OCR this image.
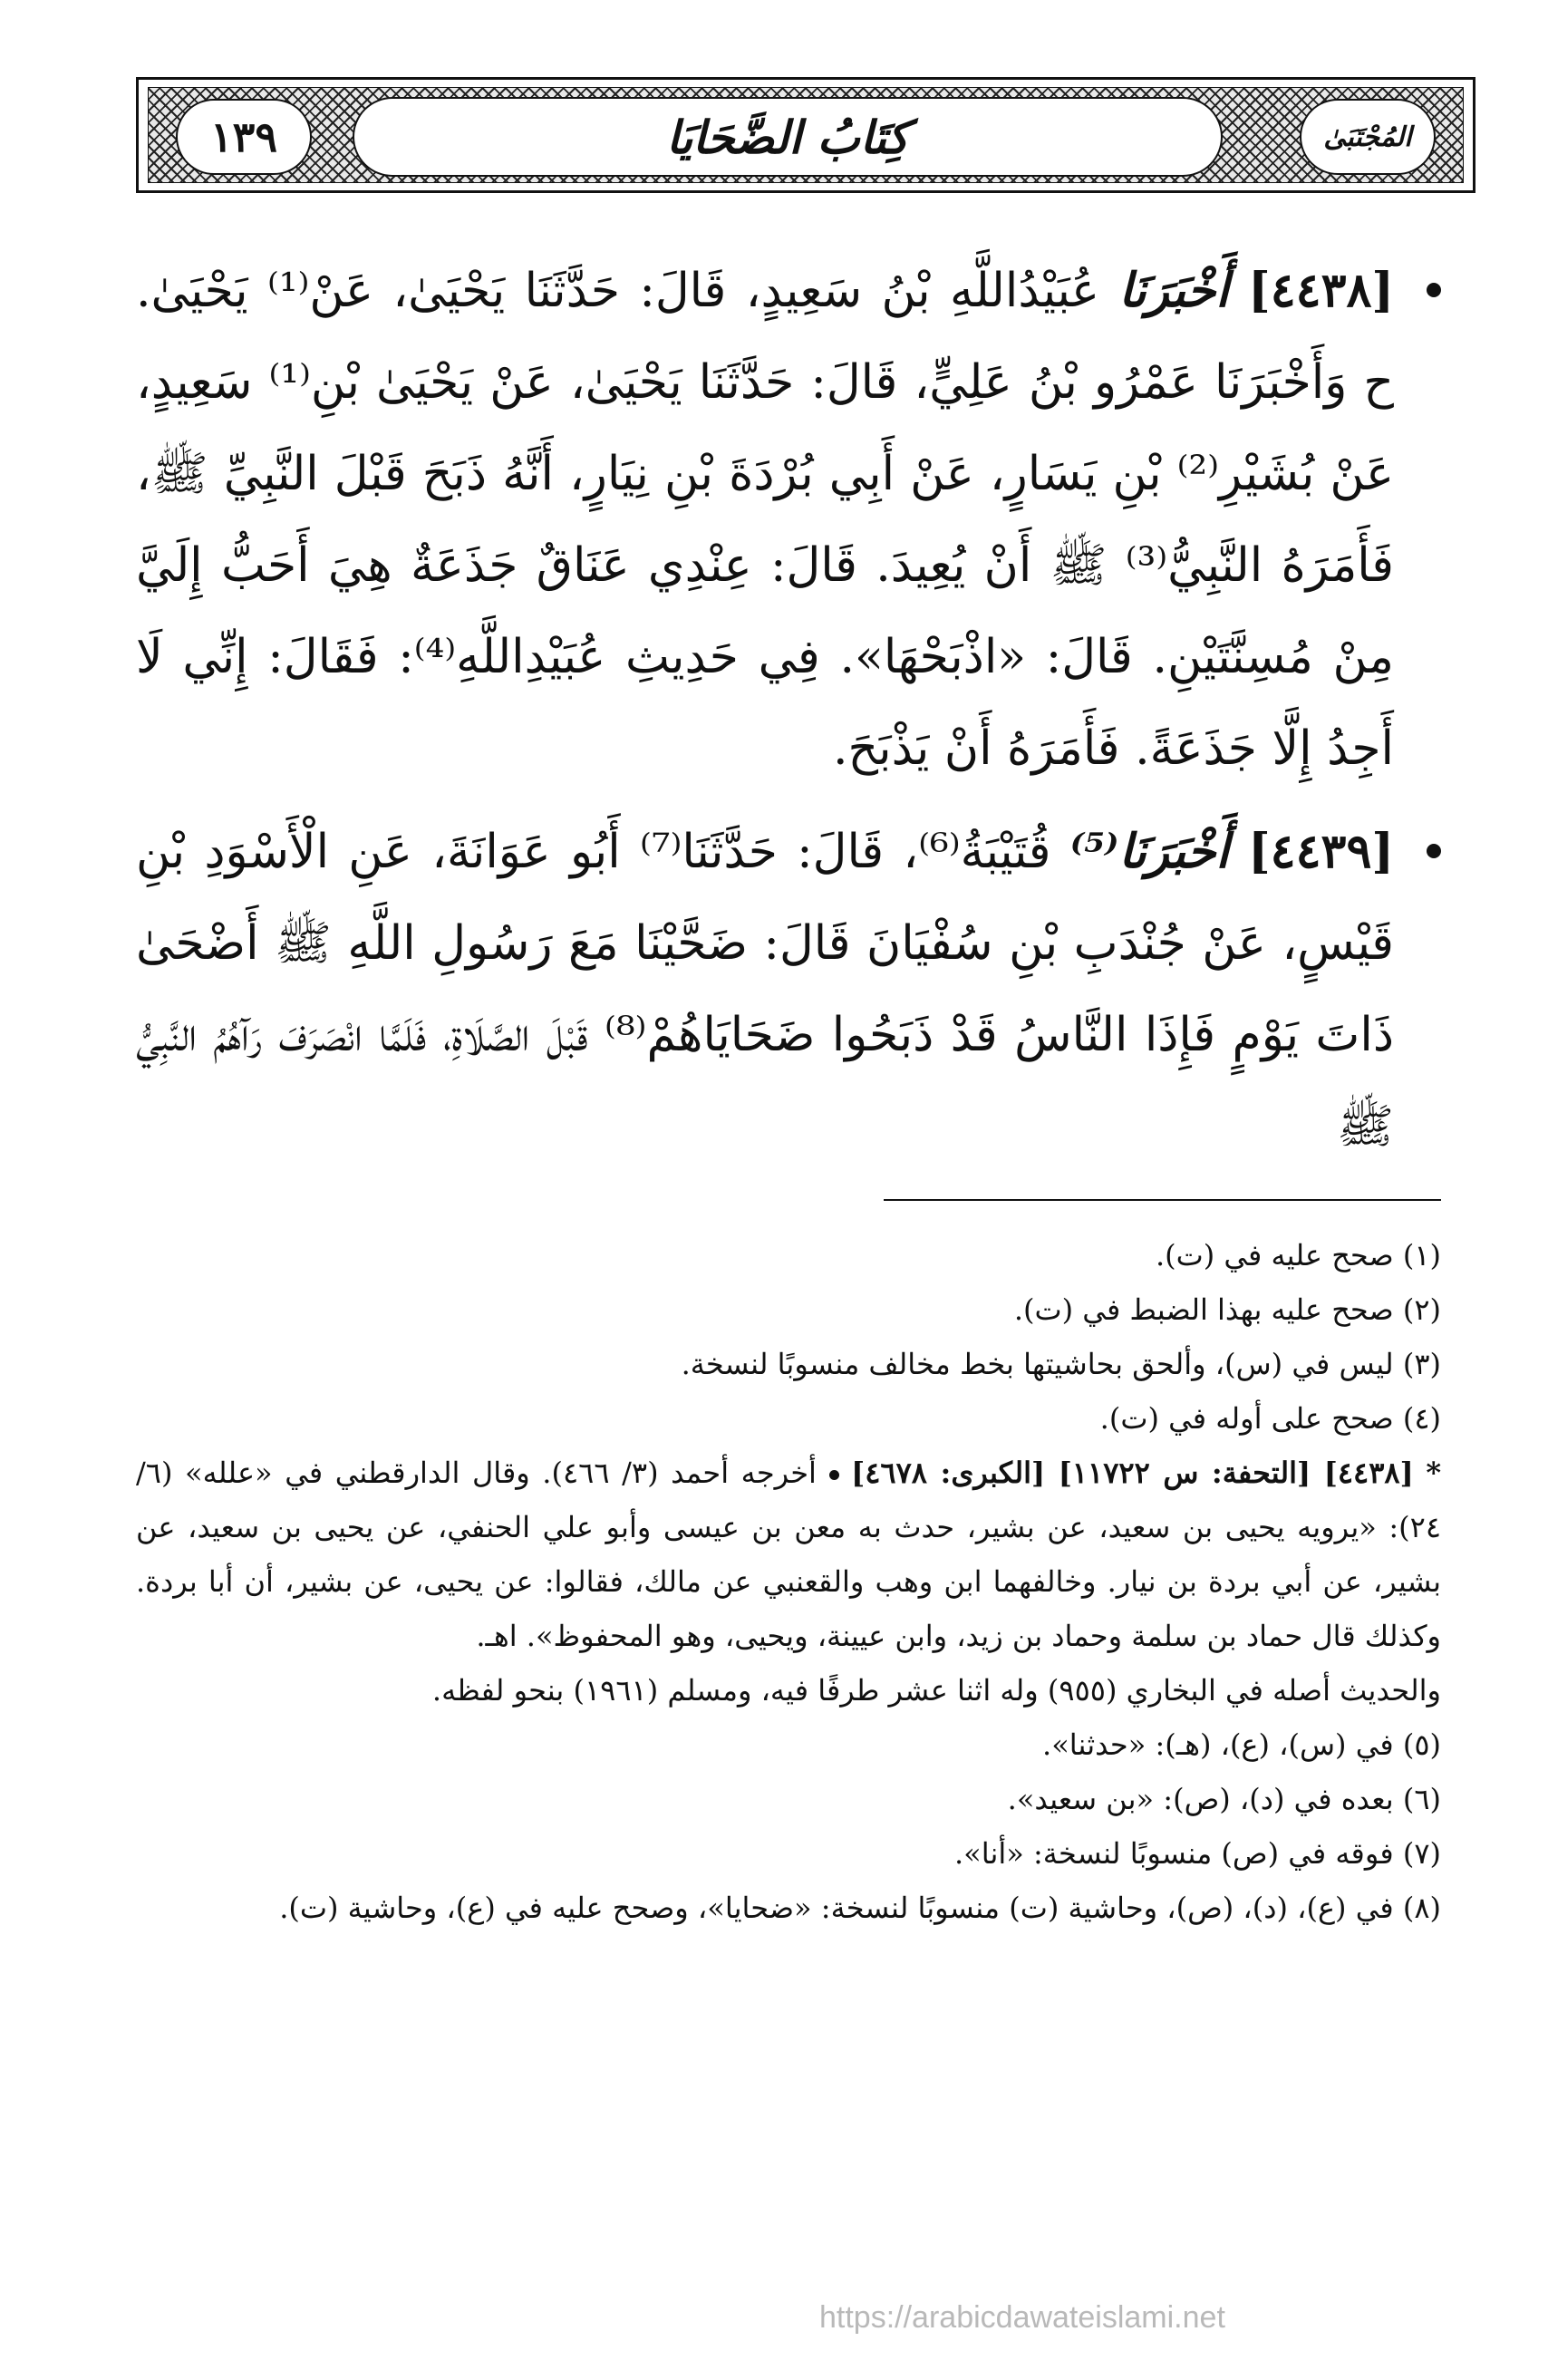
١٣٩	كِتَابُ الضَّحَايَا	المُجْتَبَىٰ

[٤٤٣٨] أَخْبَرَنَا عُبَيْدُاللَّهِ بْنُ سَعِيدٍ، قَالَ: حَدَّثَنَا يَحْيَىٰ، عَنْ⁽¹⁾ يَحْيَىٰ. ح وَأَخْبَرَنَا عَمْرُو بْنُ عَلِيٍّ، قَالَ: حَدَّثَنَا يَحْيَىٰ، عَنْ يَحْيَىٰ بْنِ⁽¹⁾ سَعِيدٍ، عَنْ بُشَيْرِ⁽²⁾ بْنِ يَسَارٍ، عَنْ أَبِي بُرْدَةَ بْنِ نِيَارٍ، أَنَّهُ ذَبَحَ قَبْلَ النَّبِيِّ ﷺ، فَأَمَرَهُ النَّبِيُّ⁽³⁾ ﷺ أَنْ يُعِيدَ. قَالَ: عِنْدِي عَنَاقٌ جَذَعَةٌ هِيَ أَحَبُّ إِلَيَّ مِنْ مُسِنَّتَيْنِ. قَالَ: «اذْبَحْهَا». فِي حَدِيثِ عُبَيْدِاللَّهِ⁽⁴⁾: فَقَالَ: إِنِّي لَا أَجِدُ إِلَّا جَذَعَةً. فَأَمَرَهُ أَنْ يَذْبَحَ.

[٤٤٣٩] أَخْبَرَنَا⁽⁵⁾ قُتَيْبَةُ⁽⁶⁾، قَالَ: حَدَّثَنَا⁽⁷⁾ أَبُو عَوَانَةَ، عَنِ الْأَسْوَدِ بْنِ قَيْسٍ، عَنْ جُنْدَبِ بْنِ سُفْيَانَ قَالَ: ضَحَّيْنَا مَعَ رَسُولِ اللَّهِ ﷺ أَضْحَىٰ ذَاتَ يَوْمٍ فَإِذَا النَّاسُ قَدْ ذَبَحُوا ضَحَايَاهُمْ⁽⁸⁾ قَبْلَ الصَّلَاةِ، فَلَمَّا انْصَرَفَ رَآهُمُ النَّبِيُّ ﷺ

(١) صحح عليه في (ت).

(٢) صحح عليه بهذا الضبط في (ت).

(٣) ليس في (س)، وألحق بحاشيتها بخط مخالف منسوبًا لنسخة.

(٤) صحح على أوله في (ت).

* [٤٤٣٨] [التحفة: س ١١٧٢٢] [الكبرى: ٤٦٧٨]  أخرجه أحمد (٣/ ٤٦٦). وقال الدارقطني في «علله» (٦/ ٢٤): «يرويه يحيى بن سعيد، عن بشير، حدث به معن بن عيسى وأبو علي الحنفي، عن يحيى بن سعيد، عن بشير، عن أبي بردة بن نيار. وخالفهما ابن وهب والقعنبي عن مالك، فقالوا: عن يحيى، عن بشير، أن أبا بردة. وكذلك قال حماد بن سلمة وحماد بن زيد، وابن عيينة، ويحيى، وهو المحفوظ». اهـ.

والحديث أصله في البخاري (٩٥٥) وله اثنا عشر طرفًا فيه، ومسلم (١٩٦١) بنحو لفظه.

(٥) في (س)، (ع)، (هـ): «حدثنا».

(٦) بعده في (د)، (ص): «بن سعيد».

(٧) فوقه في (ص) منسوبًا لنسخة: «أنا».

(٨) في (ع)، (د)، (ص)، وحاشية (ت) منسوبًا لنسخة: «ضحايا»، وصحح عليه في (ع)، وحاشية (ت).

https://arabicdawateislami.net
